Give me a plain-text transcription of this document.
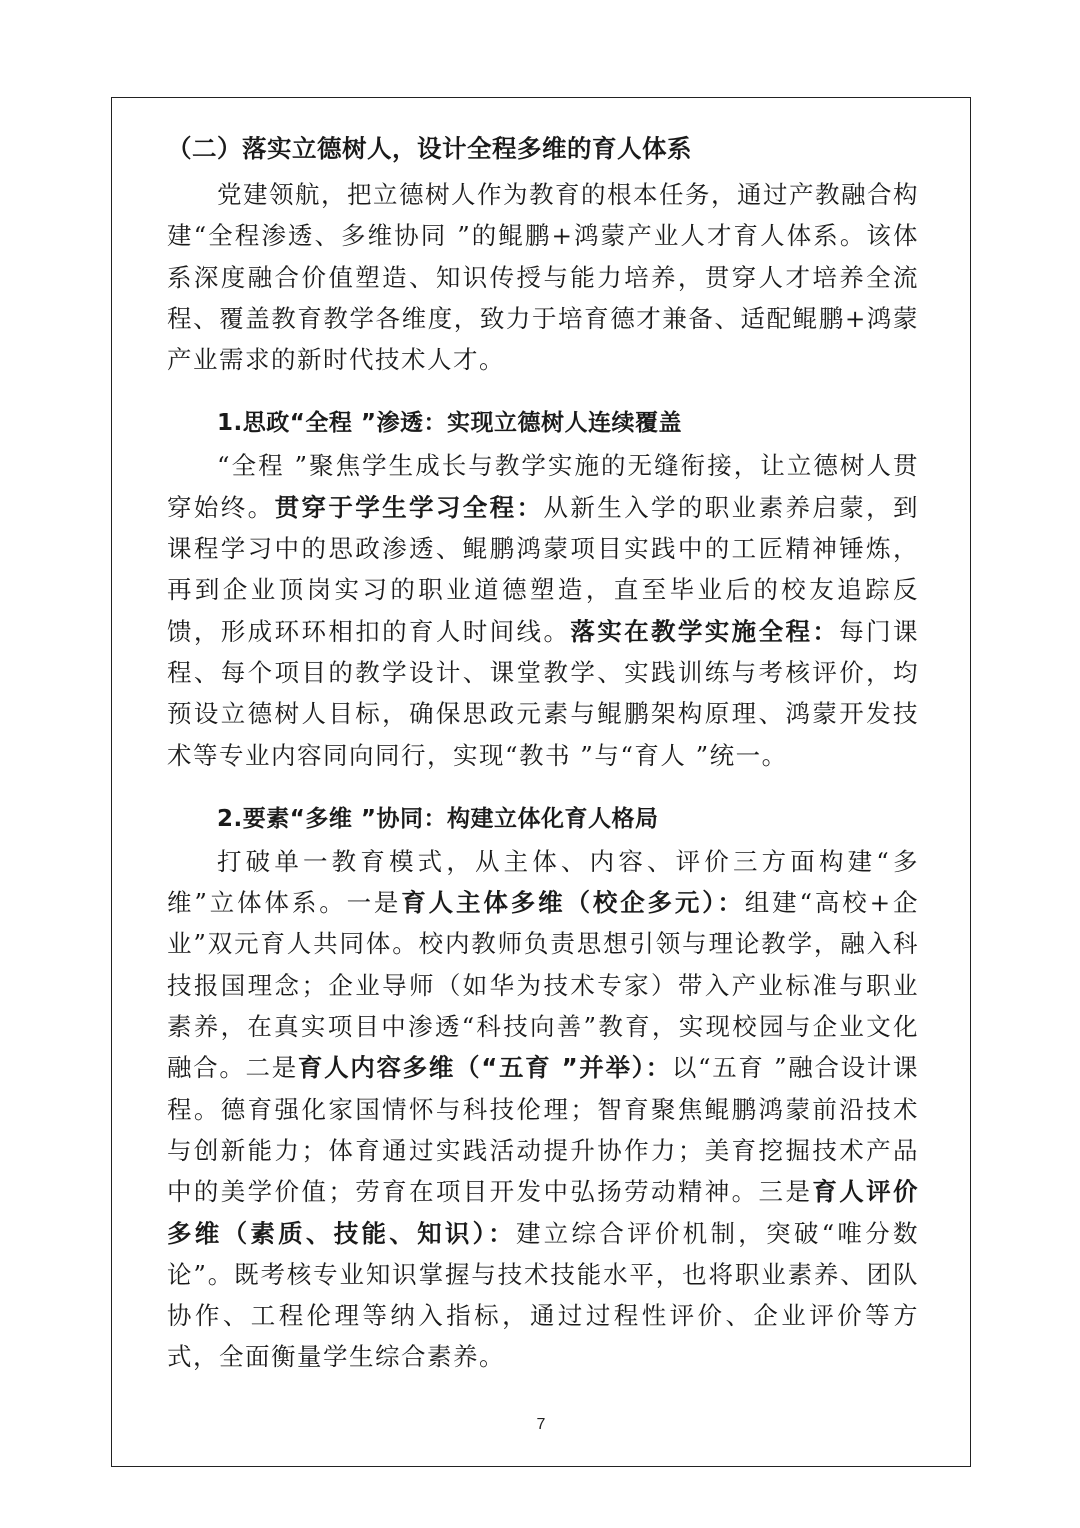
（二）落实立德树人，设计全程多维的育人体系

党建领航，把立德树人作为教育的根本任务，通过产教融合构建“全程渗透、多维协同 ”的鲲鹏+鸿蒙产业人才育人体系。该体系深度融合价值塑造、知识传授与能力培养，贯穿人才培养全流程、覆盖教育教学各维度，致力于培育德才兼备、适配鲲鹏+鸿蒙产业需求的新时代技术人才。

1.思政“全程 ”渗透：实现立德树人连续覆盖

“全程 ”聚焦学生成长与教学实施的无缝衔接，让立德树人贯穿始终。贯穿于学生学习全程：从新生入学的职业素养启蒙，到课程学习中的思政渗透、鲲鹏鸿蒙项目实践中的工匠精神锤炼，再到企业顶岗实习的职业道德塑造，直至毕业后的校友追踪反馈，形成环环相扣的育人时间线。落实在教学实施全程：每门课程、每个项目的教学设计、课堂教学、实践训练与考核评价，均预设立德树人目标，确保思政元素与鲲鹏架构原理、鸿蒙开发技术等专业内容同向同行，实现“教书 ”与“育人 ”统一。

2.要素“多维 ”协同：构建立体化育人格局

打破单一教育模式，从主体、内容、评价三方面构建“多维”立体体系。一是育人主体多维（校企多元）：组建“高校+企业”双元育人共同体。校内教师负责思想引领与理论教学，融入科技报国理念；企业导师（如华为技术专家）带入产业标准与职业素养，在真实项目中渗透“科技向善”教育，实现校园与企业文化融合。二是育人内容多维（“五育 ”并举）：以“五育 ”融合设计课程。德育强化家国情怀与科技伦理；智育聚焦鲲鹏鸿蒙前沿技术与创新能力；体育通过实践活动提升协作力；美育挖掘技术产品中的美学价值；劳育在项目开发中弘扬劳动精神。三是育人评价多维（素质、技能、知识）：建立综合评价机制，突破“唯分数论”。既考核专业知识掌握与技术技能水平，也将职业素养、团队协作、工程伦理等纳入指标，通过过程性评价、企业评价等方式，全面衡量学生综合素养。

7
